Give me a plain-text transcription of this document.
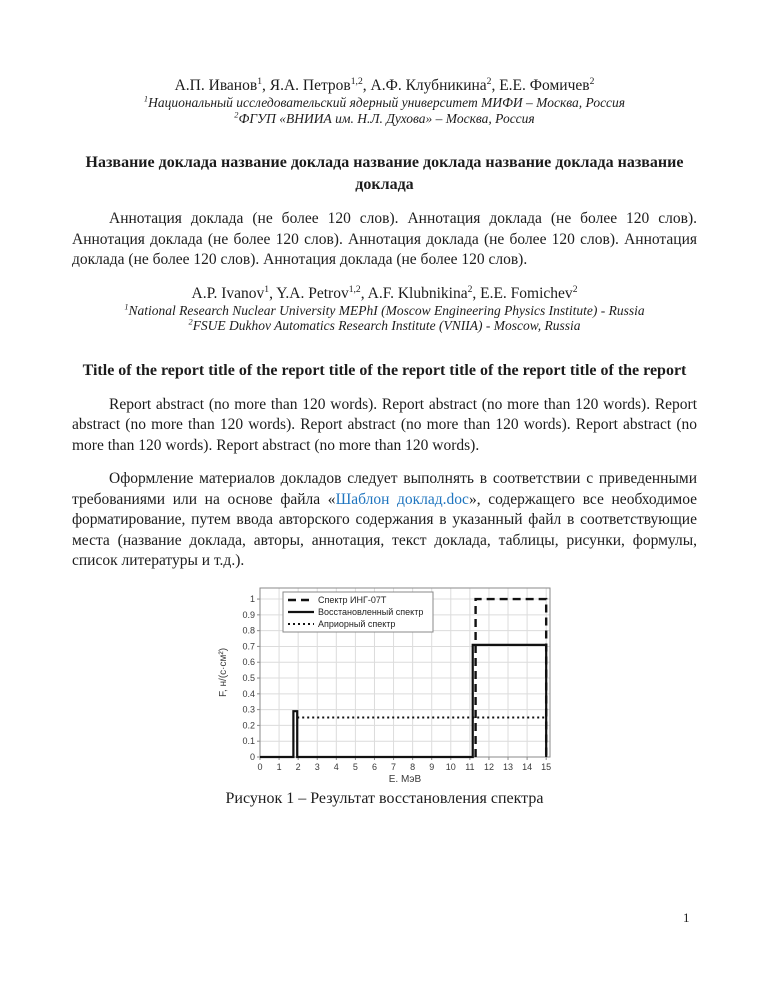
А.П. Иванов$^1$, Я.А. Петров$^{1,2}$, А.Ф. Клубникина$^2$, Е.Е. Фомичев$^2$

$^1$Национальный исследовательский ядерный университет МИФИ – Москва, Россия

$^2$ФГУП «ВНИИА им. Н.Л. Духова» – Москва, Россия

Название доклада название доклада название доклада название доклада название доклада

Аннотация доклада (не более 120 слов). Аннотация доклада (не более 120 слов). Аннотация доклада (не более 120 слов). Аннотация доклада (не более 120 слов). Аннотация доклада (не более 120 слов). Аннотация доклада (не более 120 слов).

A.P. Ivanov$^1$, Y.A. Petrov$^{1,2}$, A.F. Klubnikina$^2$, E.E. Fomichev$^2$

$^1$National Research Nuclear University MEPhI (Moscow Engineering Physics Institute) - Russia

$^2$FSUE Dukhov Automatics Research Institute (VNIIA) - Moscow, Russia

Title of the report title of the report title of the report title of the report title of the report

Report abstract (no more than 120 words). Report abstract (no more than 120 words). Report abstract (no more than 120 words). Report abstract (no more than 120 words). Report abstract (no more than 120 words). Report abstract (no more than 120 words).

Оформление материалов докладов следует выполнять в соответствии с приведенными требованиями или на основе файла «Шаблон доклад.doc», содержащего все необходимое форматирование, путем ввода авторского содержания в указанный файл в соответствующие места (название доклада, авторы, аннотация, текст доклада, таблицы, рисунки, формулы, список литературы и т.д.).

0 1 2 3 4 5 6 7 8 9 10 11 12 13 14 15
0
0.1
0.2
0.3
0.4
0.5
0.6
0.7
0.8
0.9
1
Е, МэВ
F, н/(с·см²)
Спектр ИНГ-07Т
Восстановленный спектр
Априорный спектр
Рисунок 1 – Результат восстановления спектра
1
